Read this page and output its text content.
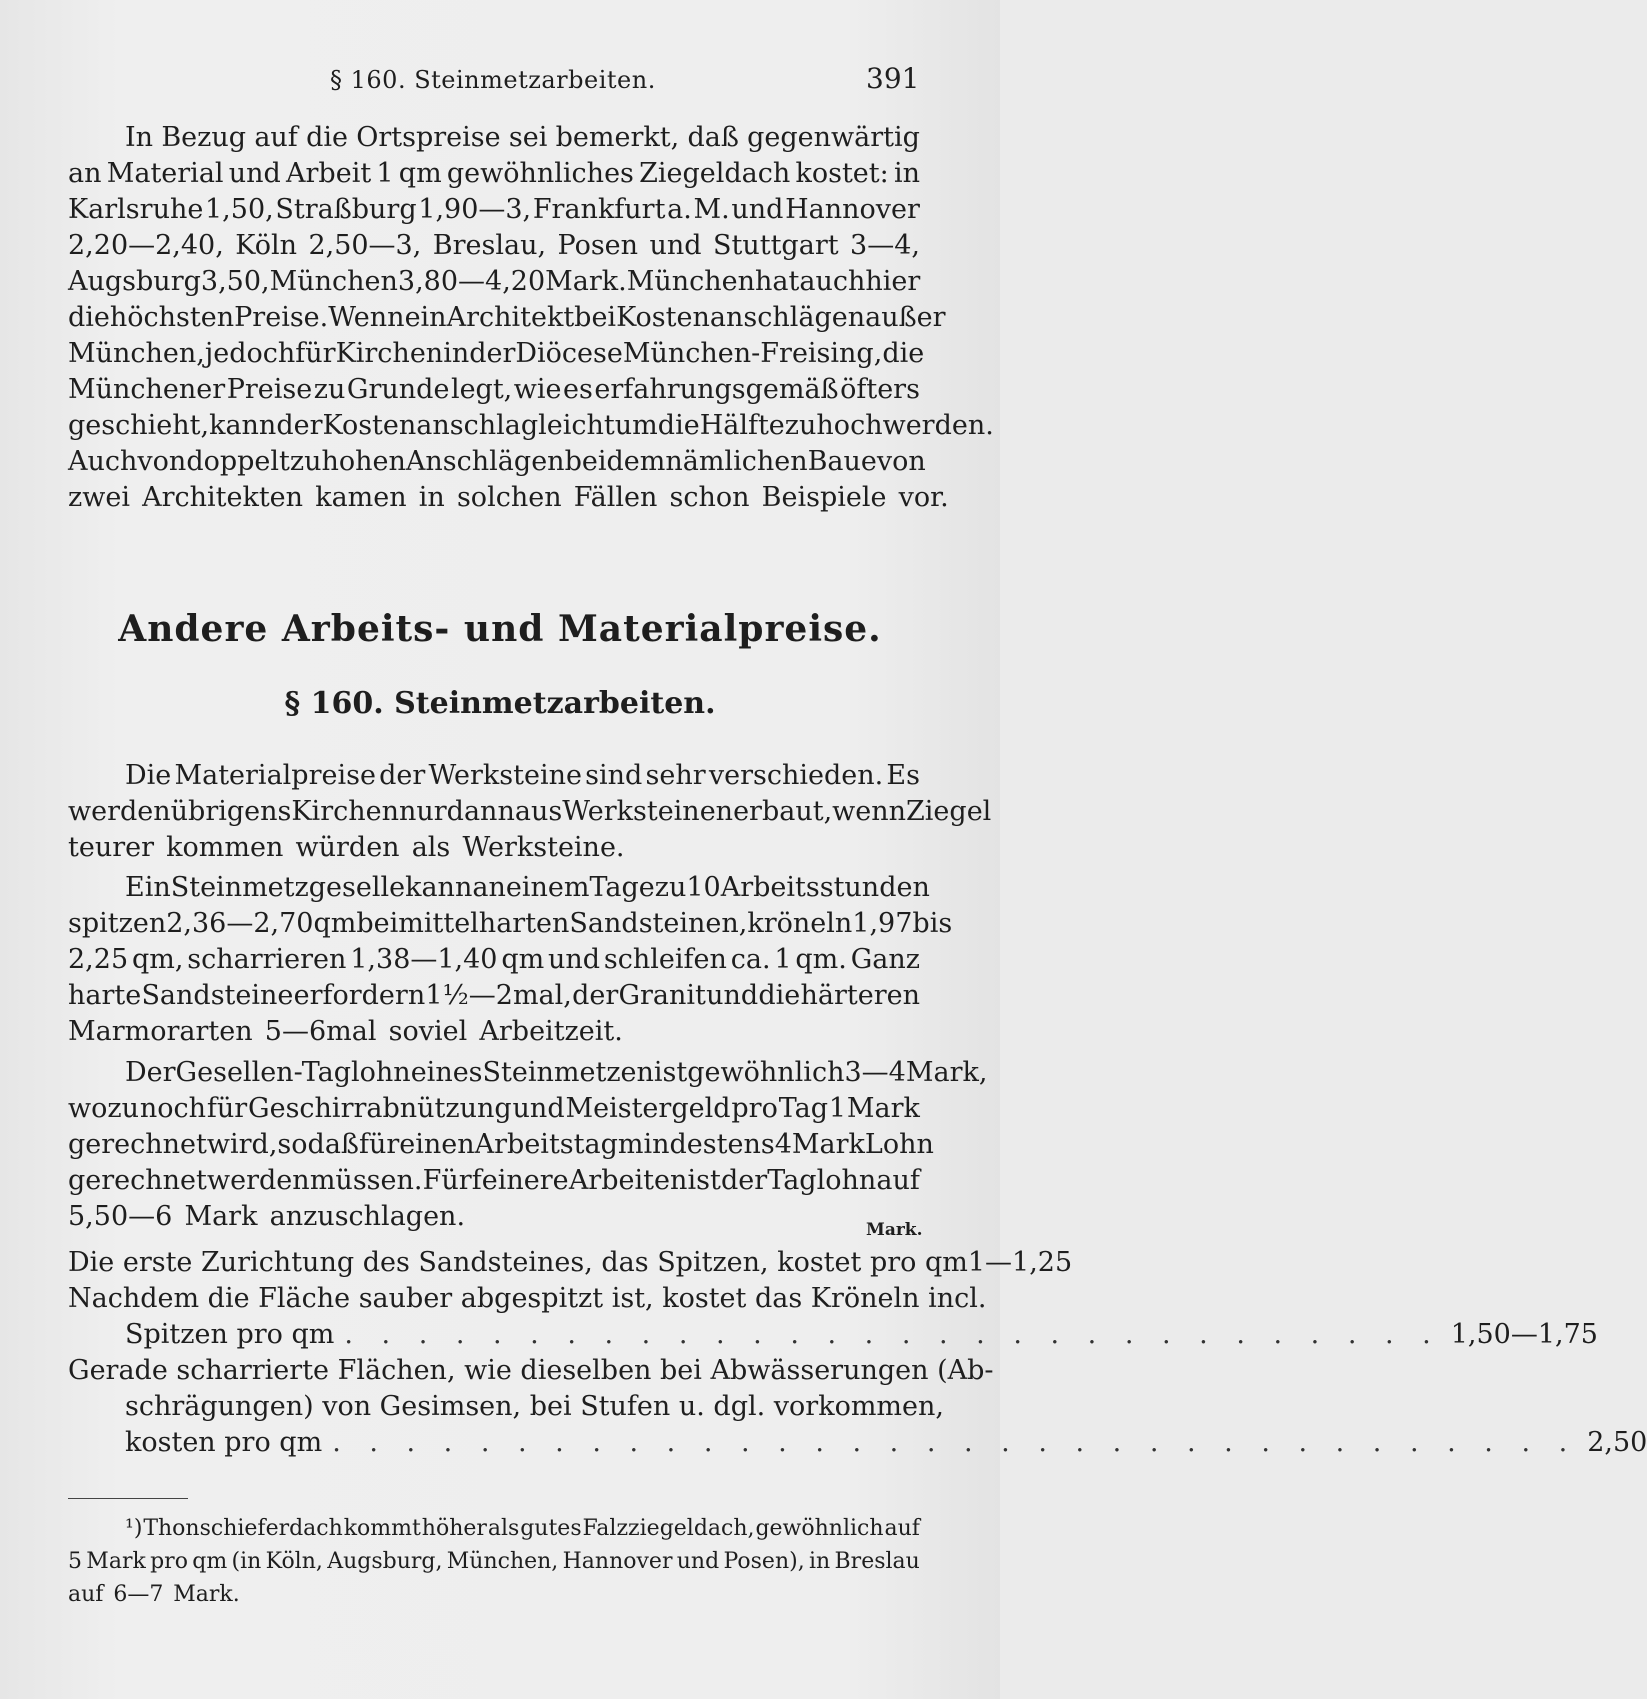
§ 160. Steinmetzarbeiten.	391
In Bezug auf die Ortspreise sei bemerkt, daß gegenwärtig
an Material und Arbeit 1 qm gewöhnliches Ziegeldach kostet: in
Karlsruhe 1,50, Straßburg 1,90—3, Frankfurt a. M. und Hannover
2,20—2,40, Köln 2,50—3, Breslau, Posen und Stuttgart 3—4,
Augsburg 3,50, München 3,80—4,20 Mark. München hat auch hier
die höchsten Preise. Wenn ein Architekt bei Kostenanschlägen außer
München, jedoch für Kirchen in der Diöcese München-Freising, die
Münchener Preise zu Grunde legt, wie es erfahrungsgemäß öfters
geschieht, kann der Kostenanschlag leicht um die Hälfte zu hoch werden.
Auch von doppelt zu hohen Anschlägen bei dem nämlichen Baue von
zwei Architekten kamen in solchen Fällen schon Beispiele vor.
Andere Arbeits- und Materialpreise.
§ 160. Steinmetzarbeiten.
Die Materialpreise der Werksteine sind sehr verschieden. Es
werden übrigens Kirchen nur dann aus Werksteinen erbaut, wenn Ziegel
teurer kommen würden als Werksteine.
Ein Steinmetzgeselle kann an einem Tage zu 10 Arbeitsstunden
spitzen 2,36—2,70 qm bei mittelharten Sandsteinen, kröneln 1,97 bis
2,25 qm, scharrieren 1,38—1,40 qm und schleifen ca. 1 qm. Ganz
harte Sandsteine erfordern 1½—2mal, der Granit und die härteren
Marmorarten 5—6mal soviel Arbeitzeit.
Der Gesellen-Taglohn eines Steinmetzen ist gewöhnlich 3—4 Mark,
wozu noch für Geschirrabnützung und Meistergeld pro Tag 1 Mark
gerechnet wird, so daß für einen Arbeitstag mindestens 4 Mark Lohn
gerechnet werden müssen. Für feinere Arbeiten ist der Taglohn auf
5,50—6 Mark anzuschlagen.	Mark.
Die erste Zurichtung des Sandsteines, das Spitzen, kostet pro qm 1—1,25
Nachdem die Fläche sauber abgespitzt ist, kostet das Kröneln incl.
Spitzen pro qm . . . . . . . . . . . . . . . . . . . . . . . . . . . . . . 1,50—1,75
Gerade scharrierte Flächen, wie dieselben bei Abwässerungen (Ab-
schrägungen) von Gesimsen, bei Stufen u. dgl. vorkommen,
kosten pro qm . . . . . . . . . . . . . . . . . . . . . . . . . . . . . . . . . . 2,50
¹) Thonschieferdach kommt höher als gutes Falzziegeldach, gewöhnlich auf
5 Mark pro qm (in Köln, Augsburg, München, Hannover und Posen), in Breslau
auf 6—7 Mark.
